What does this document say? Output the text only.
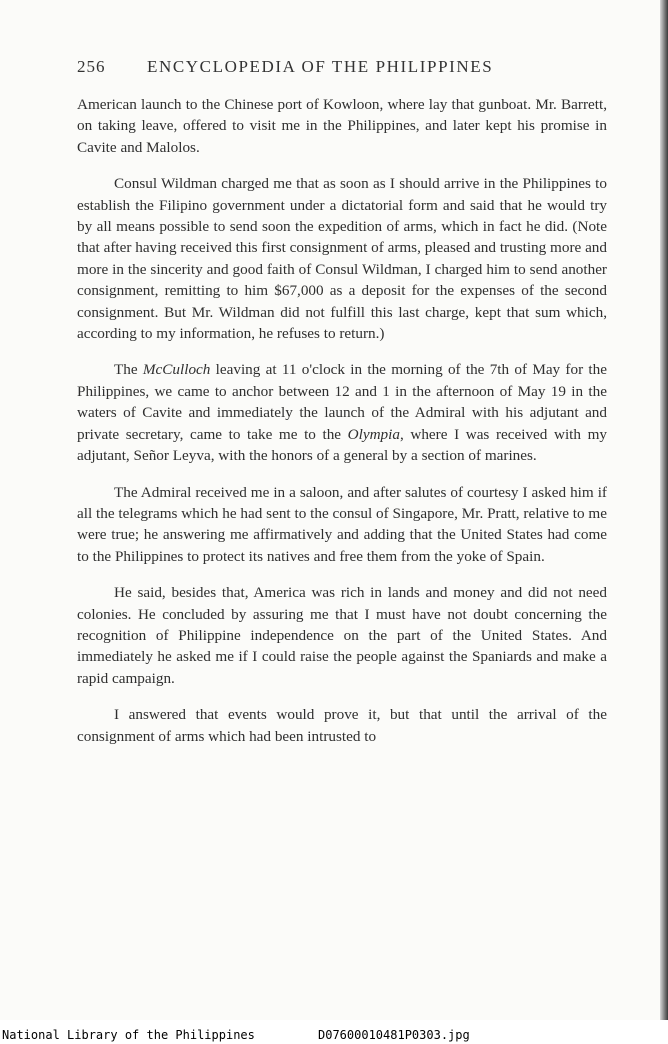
256 ENCYCLOPEDIA OF THE PHILIPPINES

American launch to the Chinese port of Kowloon, where lay that gunboat. Mr. Barrett, on taking leave, offered to visit me in the Philippines, and later kept his promise in Cavite and Malolos.

Consul Wildman charged me that as soon as I should arrive in the Philippines to establish the Filipino government under a dictatorial form and said that he would try by all means possible to send soon the expedition of arms, which in fact he did. (Note that after having received this first consignment of arms, pleased and trusting more and more in the sincerity and good faith of Consul Wildman, I charged him to send another consignment, remitting to him $67,000 as a deposit for the expenses of the second consignment. But Mr. Wildman did not fulfill this last charge, kept that sum which, according to my information, he refuses to return.)

The McCulloch leaving at 11 o'clock in the morning of the 7th of May for the Philippines, we came to anchor between 12 and 1 in the afternoon of May 19 in the waters of Cavite and immediately the launch of the Admiral with his adjutant and private secretary, came to take me to the Olympia, where I was received with my adjutant, Señor Leyva, with the honors of a general by a section of marines.

The Admiral received me in a saloon, and after salutes of courtesy I asked him if all the telegrams which he had sent to the consul of Singapore, Mr. Pratt, relative to me were true; he answering me affirmatively and adding that the United States had come to the Philippines to protect its natives and free them from the yoke of Spain.

He said, besides that, America was rich in lands and money and did not need colonies. He concluded by assuring me that I must have not doubt concerning the recognition of Philippine independence on the part of the United States. And immediately he asked me if I could raise the people against the Spaniards and make a rapid campaign.

I answered that events would prove it, but that until the arrival of the consignment of arms which had been intrusted to

National Library of the Philippines	D07600010481P0303.jpg
